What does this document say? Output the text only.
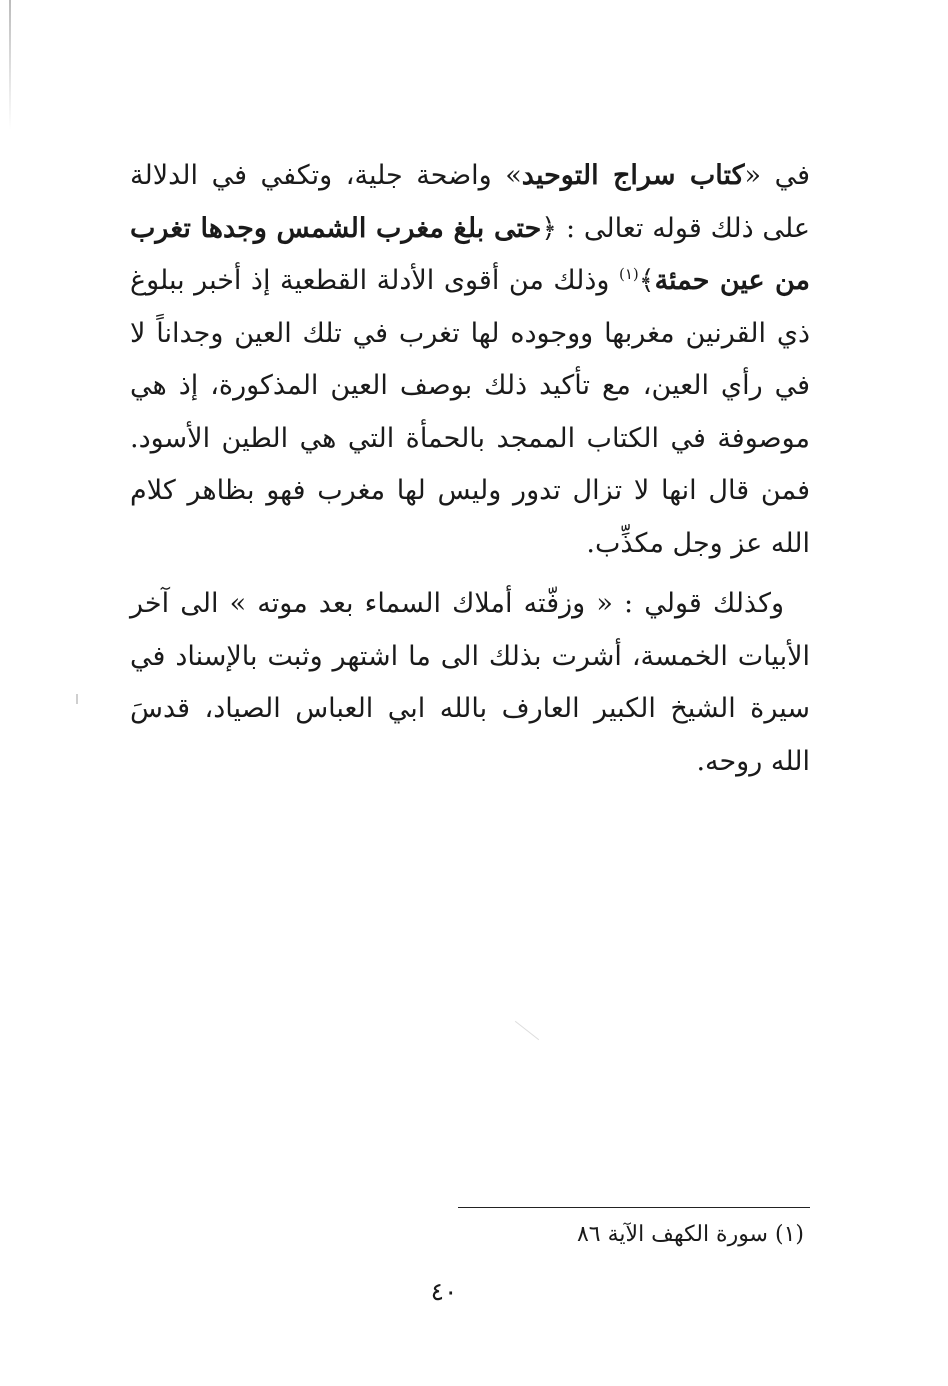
في «كتاب سراج التوحيد» واضحة جلية، وتكفي في الدلالة على ذلك قوله تعالى : ﴿حتى بلغ مغرب الشمس وجدها تغرب من عين حمئة﴾$^{(١)}$ وذلك من أقوى الأدلة القطعية إذ أخبر ببلوغ ذي القرنين مغربها ووجوده لها تغرب في تلك العين وجداناً لا في رأي العين، مع تأكيد ذلك بوصف العين المذكورة، إذ هي موصوفة في الكتاب الممجد بالحمأة التي هي الطين الأسود. فمن قال انها لا تزال تدور وليس لها مغرب فهو بظاهر كلام الله عز وجل مكذِّب.

وكذلك قولي : « وزفّته أملاك السماء بعد موته » الى آخر الأبيات الخمسة، أشرت بذلك الى ما اشتهر وثبت بالإسناد في سيرة الشيخ الكبير العارف بالله ابي العباس الصياد، قدسَ الله روحه.

(١) سورة الكهف الآية ٨٦

٤٠
